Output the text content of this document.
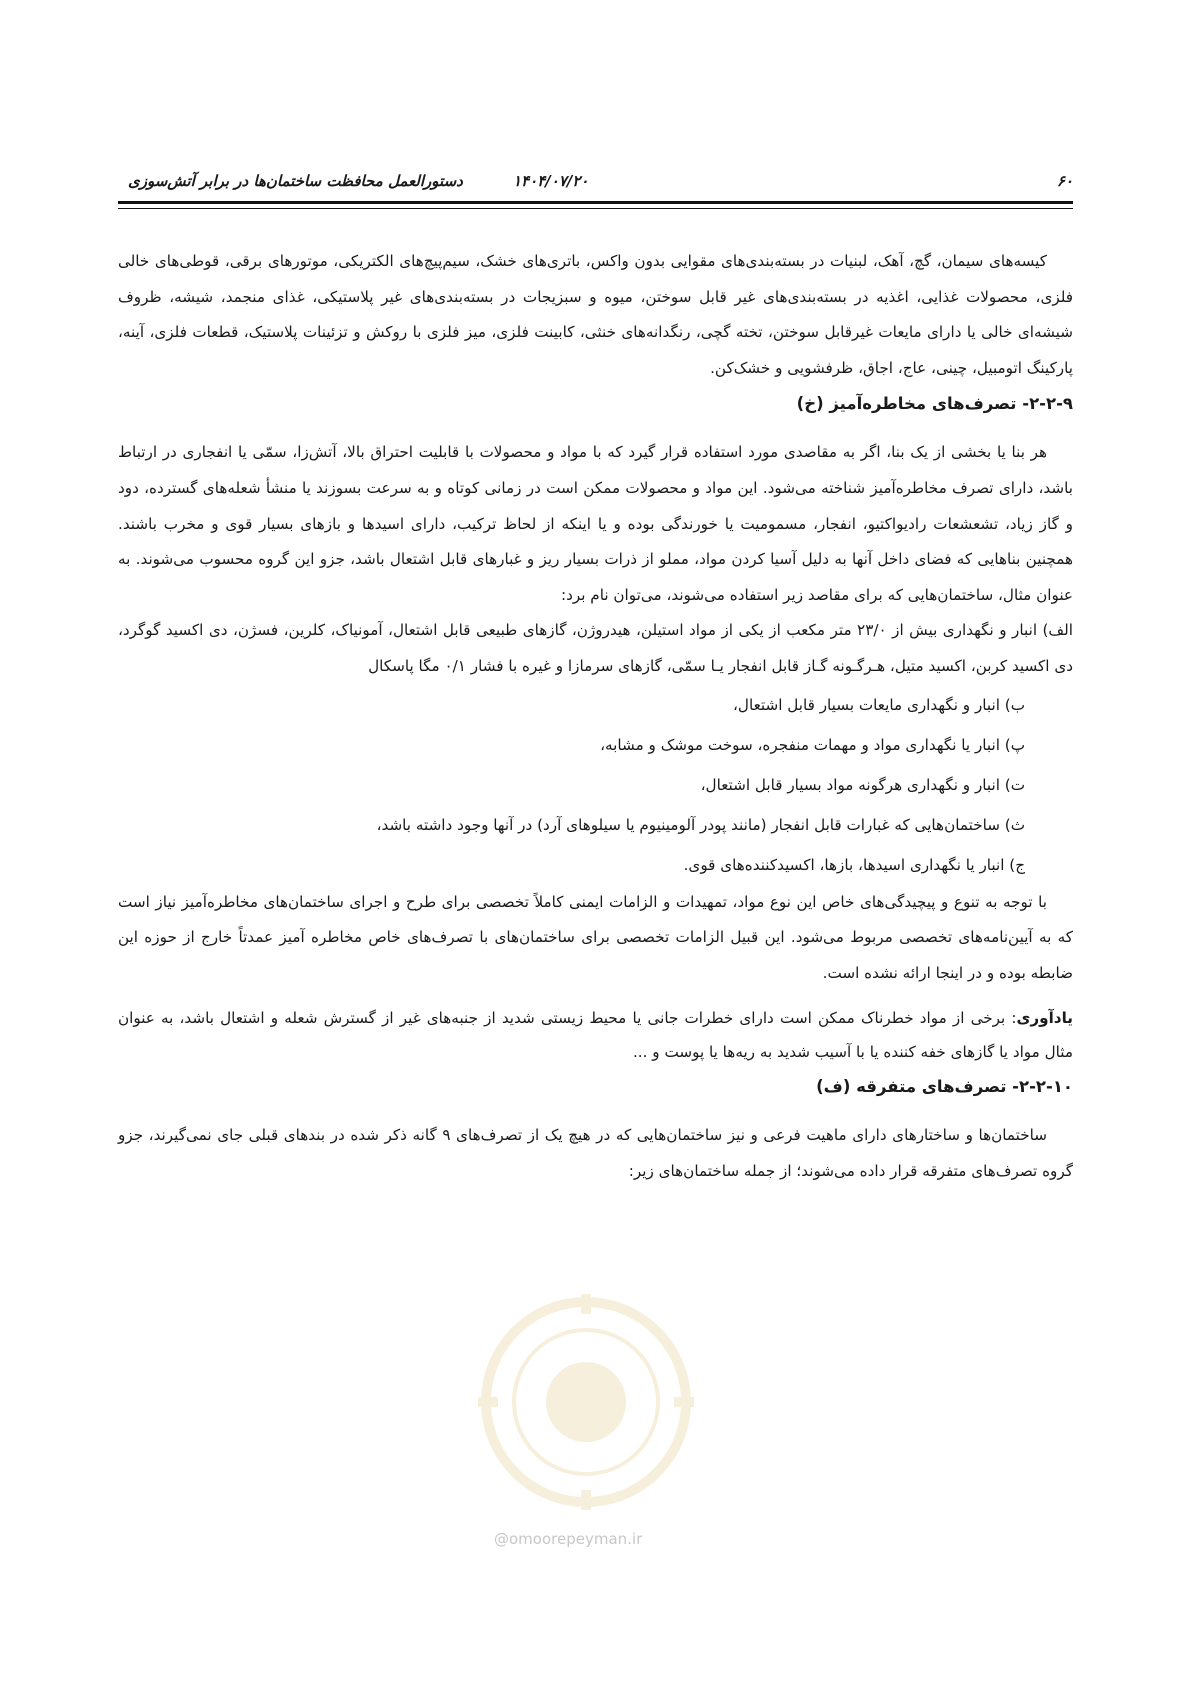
۶۰
۱۴۰۴/۰۷/۲۰
دستورالعمل محافظت ساختمان‌ها در برابر آتش‌سوزی
@omoorepeyman.ir

کیسه‌های سیمان، گچ، آهک، لبنیات در بسته‌بندی‌های مقوایی بدون واکس، باتری‌های خشک، سیم‌پیچ‌های الکتریکی، موتورهای برقی، قوطی‌های خالی فلزی، محصولات غذایی، اغذیه در بسته‌بندی‌های غیر قابل سوختن، میوه و سبزیجات در بسته‌بندی‌های غیر پلاستیکی، غذای منجمد، شیشه، ظروف شیشه‌ای خالی یا دارای مایعات غیرقابل سوختن، تخته گچی، رنگدانه‌های خنثی، کابینت فلزی، میز فلزی با روکش و تزئینات پلاستیک، قطعات فلزی، آینه، پارکینگ اتومبیل، چینی، عاج، اجاق، ظرفشویی و خشک‌کن.

۲-۲-۹- تصرف‌های مخاطره‌آمیز (خ)

هر بنا یا بخشی از یک بنا، اگر به مقاصدی مورد استفاده قرار گیرد که با مواد و محصولات با قابلیت احتراق بالا، آتش‌زا، سمّی یا انفجاری در ارتباط باشد، دارای تصرف مخاطره‌آمیز شناخته می‌شود. این مواد و محصولات ممکن است در زمانی کوتاه و به سرعت بسوزند یا منشأ شعله‌های گسترده، دود و گاز زیاد، تشعشعات رادیواکتیو، انفجار، مسمومیت یا خورندگی بوده و یا اینکه از لحاظ ترکیب، دارای اسیدها و بازهای بسیار قوی و مخرب باشند. همچنین بناهایی که فضای داخل آنها به دلیل آسیا کردن مواد، مملو از ذرات بسیار ریز و غبارهای قابل اشتعال باشد، جزو این گروه محسوب می‌شوند. به عنوان مثال، ساختمان‌هایی که برای مقاصد زیر استفاده می‌شوند، می‌توان نام برد:

الف) انبار و نگهداری بیش از ۲۳/۰ متر مکعب از یکی از مواد استیلن، هیدروژن، گازهای طبیعی قابل اشتعال، آمونیاک، کلرین، فسژن، دی اکسید گوگرد، دی اکسید کربن، اکسید متیل، هـرگـونه گـاز قابل انفجار یـا سمّی، گازهای سرمازا و غیره با فشار ۰/۱ مگا پاسکال

ب) انبار و نگهداری مایعات بسیار قابل اشتعال،
پ) انبار یا نگهداری مواد و مهمات منفجره، سوخت موشک و مشابه،
ت) انبار و نگهداری هرگونه مواد بسیار قابل اشتعال،
ث) ساختمان‌هایی که غبارات قابل انفجار (مانند پودر آلومینیوم یا سیلوهای آرد) در آنها وجود داشته باشد،
ج) انبار یا نگهداری اسیدها، بازها، اکسیدکننده‌های قوی.

با توجه به تنوع و پیچیدگی‌های خاص این نوع مواد، تمهیدات و الزامات ایمنی کاملاً تخصصی برای طرح و اجرای ساختمان‌های مخاطره‌آمیز نیاز است که به آیین‌نامه‌های تخصصی مربوط می‌شود. این قبیل الزامات تخصصی برای ساختمان‌های با تصرف‌های خاص مخاطره آمیز عمدتاً خارج از حوزه این ضابطه بوده و در اینجا ارائه نشده است.

یادآوری: برخی از مواد خطرناک ممکن است دارای خطرات جانی یا محیط زیستی شدید از جنبه‌های غیر از گسترش شعله و اشتعال باشد، به عنوان مثال مواد یا گازهای خفه کننده یا با آسیب شدید به ریه‌ها یا پوست و ...

۲-۲-۱۰- تصرف‌های متفرقه (ف)

ساختمان‌ها و ساختارهای دارای ماهیت فرعی و نیز ساختمان‌هایی که در هیچ یک از تصرف‌های ۹ گانه ذکر شده در بندهای قبلی جای نمی‌گیرند، جزو گروه تصرف‌های متفرقه قرار داده می‌شوند؛ از جمله ساختمان‌های زیر:
